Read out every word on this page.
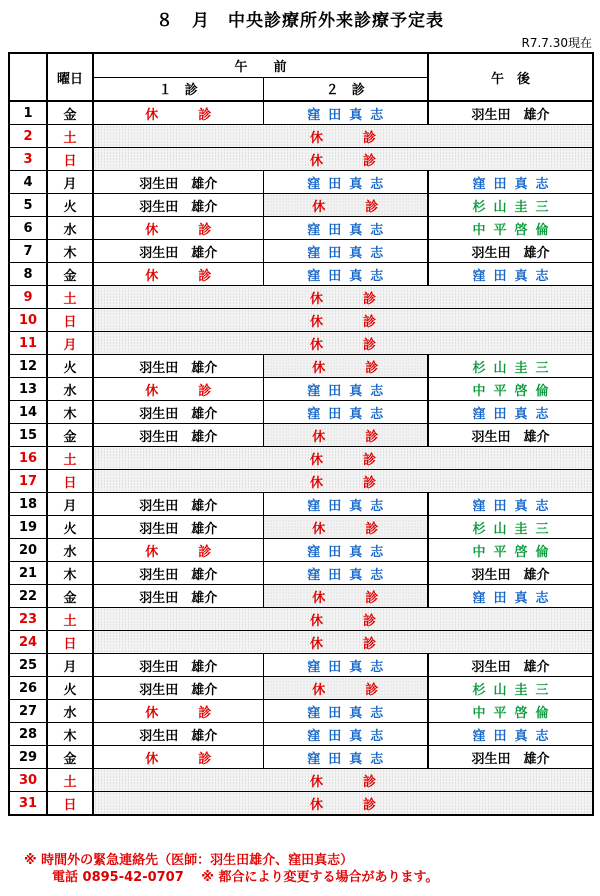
８　月　中央診療所外来診療予定表
R7.7.30現在
	曜日	午　　前		午　後
		１　診	２　診	
1	金	休診	窪田真志	羽生田　雄介
2	土	休診		
3	日	休診		
4	月	羽生田　雄介	窪田真志	窪田真志
5	火	羽生田　雄介	休診	杉山圭三
6	水	休診	窪田真志	中平啓倫
7	木	羽生田　雄介	窪田真志	羽生田　雄介
8	金	休診	窪田真志	窪田真志
9	土	休診		
10	日	休診		
11	月	休診		
12	火	羽生田　雄介	休診	杉山圭三
13	水	休診	窪田真志	中平啓倫
14	木	羽生田　雄介	窪田真志	窪田真志
15	金	羽生田　雄介	休診	羽生田　雄介
16	土	休診		
17	日	休診		
18	月	羽生田　雄介	窪田真志	窪田真志
19	火	羽生田　雄介	休診	杉山圭三
20	水	休診	窪田真志	中平啓倫
21	木	羽生田　雄介	窪田真志	羽生田　雄介
22	金	羽生田　雄介	休診	窪田真志
23	土	休診		
24	日	休診		
25	月	羽生田　雄介	窪田真志	羽生田　雄介
26	火	羽生田　雄介	休診	杉山圭三
27	水	休診	窪田真志	中平啓倫
28	木	羽生田　雄介	窪田真志	窪田真志
29	金	休診	窪田真志	羽生田　雄介
30	土	休診		
31	日	休診		
※ 時間外の緊急連絡先（医師：羽生田雄介、窪田真志）
電話 0895-42-0707　 ※ 都合により変更する場合があります。
